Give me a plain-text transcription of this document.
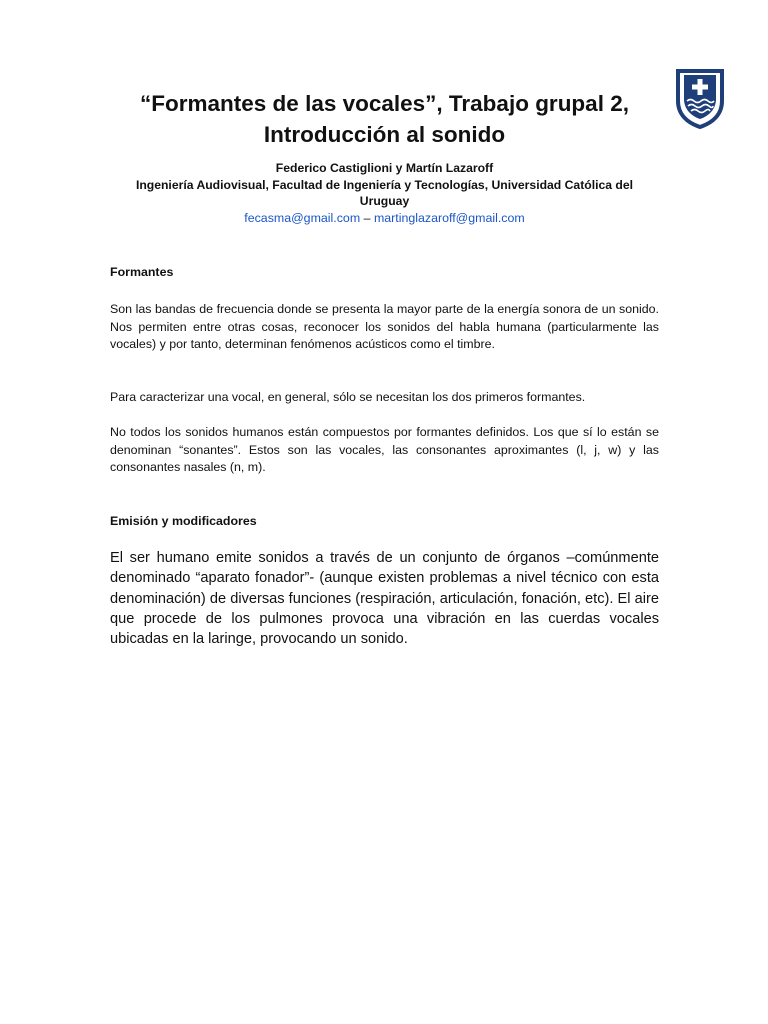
“Formantes de las vocales”, Trabajo grupal 2, Introducción al sonido

Federico Castiglioni y Martín Lazaroff

Ingeniería Audiovisual, Facultad de Ingeniería y Tecnologías, Universidad Católica del Uruguay

fecasma@gmail.com – martinglazaroff@gmail.com

Formantes

Son las bandas de frecuencia donde se presenta la mayor parte de la energía sonora de un sonido. Nos permiten entre otras cosas, reconocer los sonidos del habla humana (particularmente las vocales) y por tanto, determinan fenómenos acústicos como el timbre.

Para caracterizar una vocal, en general, sólo se necesitan los dos primeros formantes.

No todos los sonidos humanos están compuestos por formantes definidos. Los que sí lo están se denominan “sonantes”. Estos son las vocales, las consonantes aproximantes (l, j, w) y las consonantes nasales (n, m).

Emisión y modificadores

El ser humano emite sonidos a través de un conjunto de órganos –comúnmente denominado “aparato fonador”- (aunque existen problemas a nivel técnico con esta denominación) de diversas funciones (respiración, articulación, fonación, etc). El aire que procede de los pulmones provoca una vibración en las cuerdas vocales ubicadas en la laringe, provocando un sonido.
